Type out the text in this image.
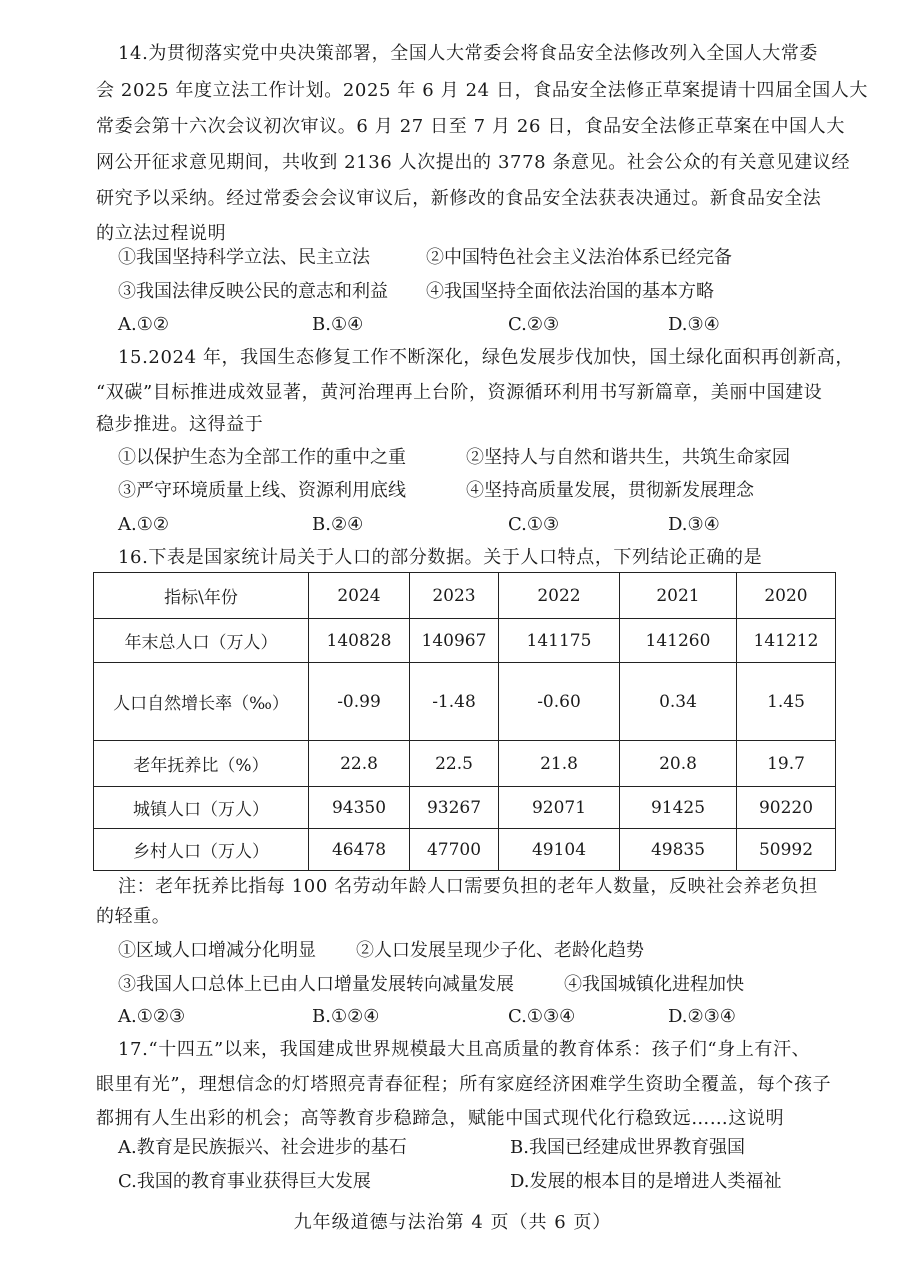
14.为贯彻落实党中央决策部署，全国人大常委会将食品安全法修改列入全国人大常委
会 2025 年度立法工作计划。2025 年 6 月 24 日，食品安全法修正草案提请十四届全国人大
常委会第十六次会议初次审议。6 月 27 日至 7 月 26 日，食品安全法修正草案在中国人大
网公开征求意见期间，共收到 2136 人次提出的 3778 条意见。社会公众的有关意见建议经
研究予以采纳。经过常委会会议审议后，新修改的食品安全法获表决通过。新食品安全法
的立法过程说明
①我国坚持科学立法、民主立法	②中国特色社会主义法治体系已经完备
③我国法律反映公民的意志和利益 ④我国坚持全面依法治国的基本方略
A.①②	B.①④	C.②③	D.③④
15.2024 年，我国生态修复工作不断深化，绿色发展步伐加快，国土绿化面积再创新高，
“双碳”目标推进成效显著，黄河治理再上台阶，资源循环利用书写新篇章，美丽中国建设
稳步推进。这得益于
①以保护生态为全部工作的重中之重	②坚持人与自然和谐共生，共筑生命家园
③严守环境质量上线、资源利用底线	④坚持高质量发展，贯彻新发展理念
A.①②	B.②④	C.①③	D.③④
16.下表是国家统计局关于人口的部分数据。关于人口特点，下列结论正确的是
指标\年份	2024	2023	2022	2021	2020
年末总人口（万人）	140828	140967	141175	141260	141212
人口自然增长率（‰）	-0.99	-1.48	-0.60	0.34	1.45
老年抚养比（%）	22.8	22.5	21.8	20.8	19.7
城镇人口（万人）	94350	93267	92071	91425	90220
乡村人口（万人）	46478	47700	49104	49835	50992
注：老年抚养比指每 100 名劳动年龄人口需要负担的老年人数量，反映社会养老负担
的轻重。
①区域人口增减分化明显 ②人口发展呈现少子化、老龄化趋势
③我国人口总体上已由人口增量发展转向减量发展	④我国城镇化进程加快
A.①②③	B.①②④	C.①③④	D.②③④
17.“十四五”以来，我国建成世界规模最大且高质量的教育体系：孩子们“身上有汗、
眼里有光”，理想信念的灯塔照亮青春征程；所有家庭经济困难学生资助全覆盖，每个孩子
都拥有人生出彩的机会；高等教育步稳蹄急，赋能中国式现代化行稳致远……这说明
A.教育是民族振兴、社会进步的基石	B.我国已经建成世界教育强国
C.我国的教育事业获得巨大发展	D.发展的根本目的是增进人类福祉
九年级道德与法治第 4 页（共 6 页）
